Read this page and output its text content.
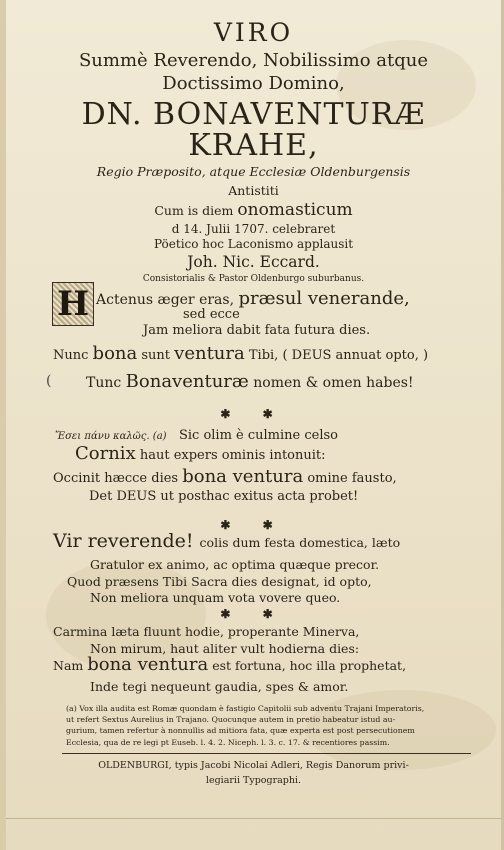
VIRO
Summè Reverendo, Nobilissimo atque
Doctissimo Domino,
DN. BONAVENTURÆ
KRAHE,
Regio Præposito, atque Ecclesiæ Oldenburgensis
Antistiti
Cum is diem onomasticum
d 14. Julii 1707. celebraret
Pöetico hoc Laconismo applausit
Joh. Nic. Eccard.
Consistorialis & Pastor Oldenburgo suburbanus.
H Actenus æger eras, præsul venerande,
sed ecce
Jam meliora dabit fata futura dies.
Nunc bona sunt ventura Tibi, ( DEUS annuat opto, )
( Tunc Bonaventuræ nomen & omen habes!
✱ ✱
Ἔσει πάνυ καλῶς. (a) Sic olim è culmine celso
Cornix haut expers ominis intonuit:
Occinit hæcce dies bona ventura omine fausto,
Det DEUS ut posthac exitus acta probet!
✱ ✱
Vir reverende! colis dum festa domestica, læto
Gratulor ex animo, ac optima quæque precor.
Quod præsens Tibi Sacra dies designat, id opto,
Non meliora unquam vota vovere queo.
✱ ✱
Carmina læta fluunt hodie, properante Minerva,
Non mirum, haut aliter vult hodierna dies:
Nam bona ventura est fortuna, hoc illa prophetat,
Inde tegi nequeunt gaudia, spes & amor.
(a) Vox illa audita est Romæ quondam è fastigio Capitolii sub adventu Trajani Imperatoris,
ut refert Sextus Aurelius in Trajano. Quocunque autem in pretio habeatur istud au-
gurium, tamen refertur à nonnullis ad mitiora fata, quæ experta est post persecutionem
Ecclesia, qua de re legi pt Euseb. l. 4. 2. Niceph. l. 3. c. 17. & recentiores passim.
OLDENBURGI, typis Jacobi Nicolai Adleri, Regis Danorum privi-
legiarii Typographi.
